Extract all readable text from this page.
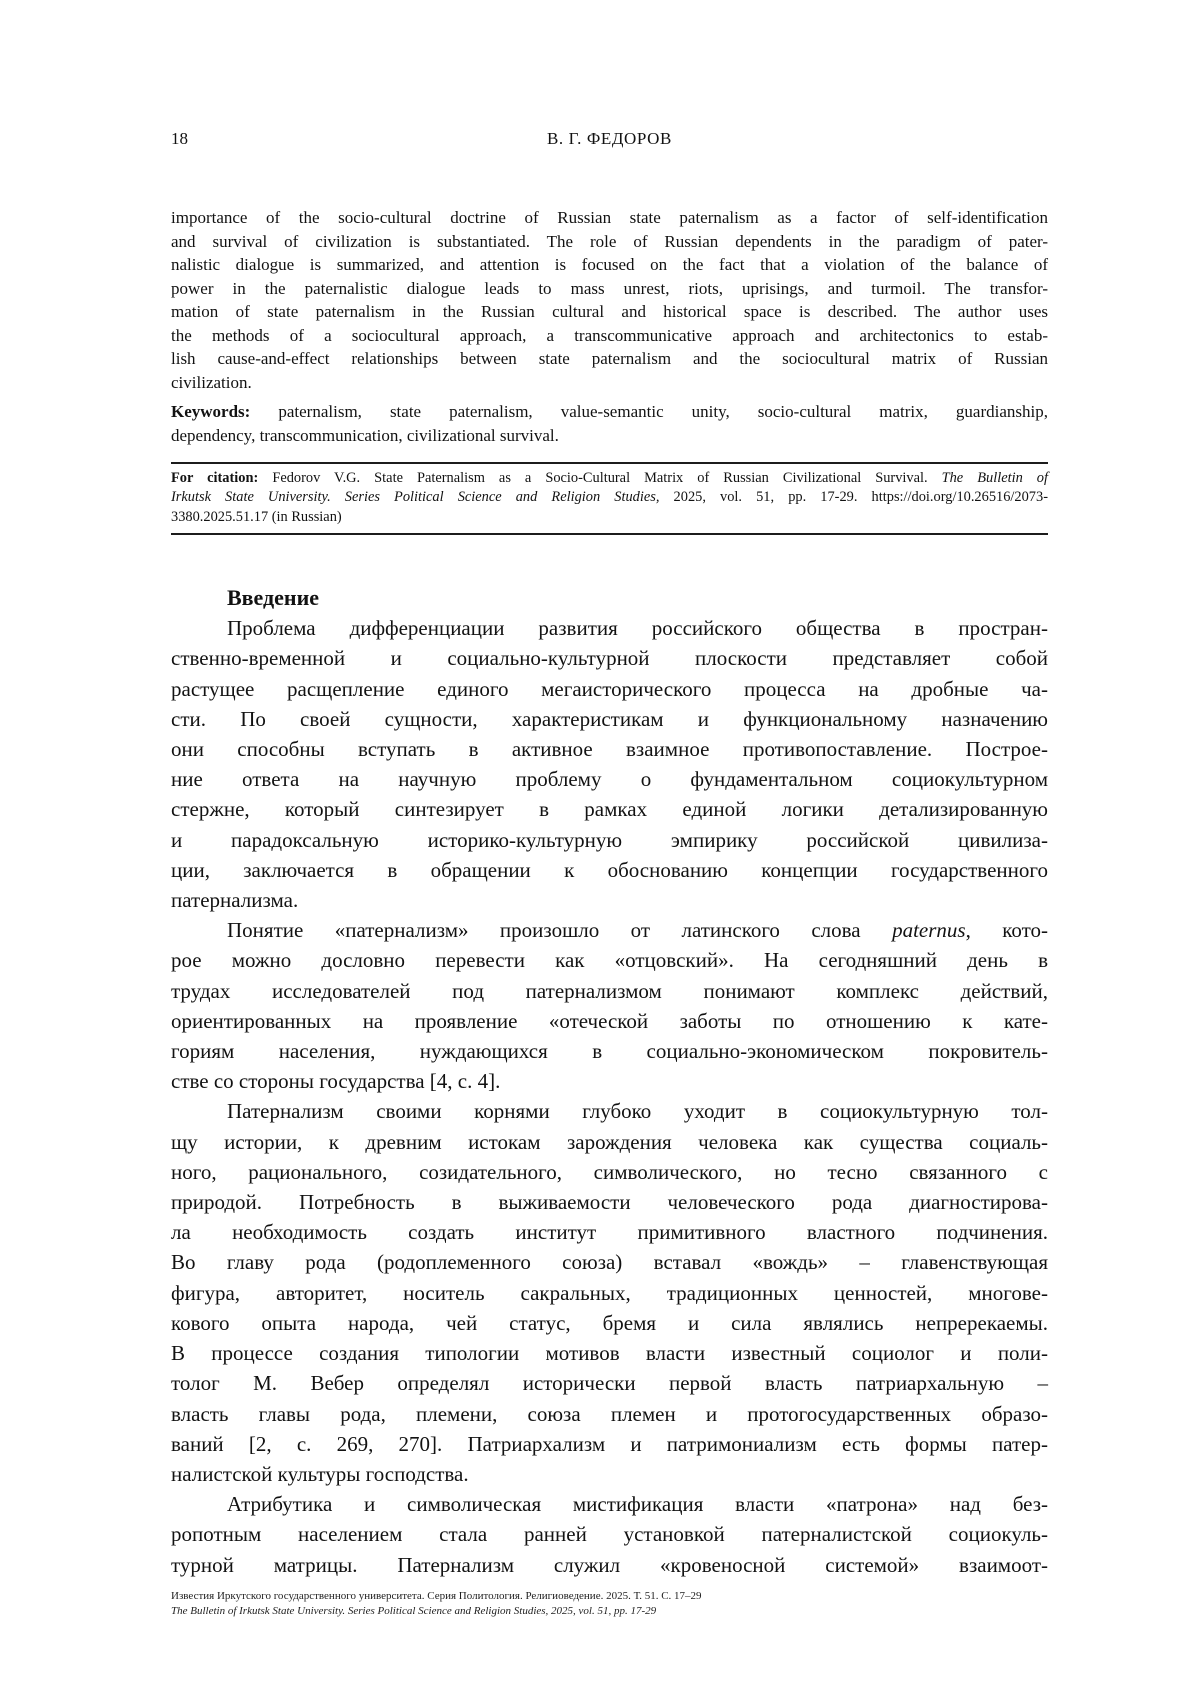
18	В. Г. ФЕДОРОВ
importance of the socio-cultural doctrine of Russian state paternalism as a factor of self-identification
and survival of civilization is substantiated. The role of Russian dependents in the paradigm of pater-
nalistic dialogue is summarized, and attention is focused on the fact that a violation of the balance of
power in the paternalistic dialogue leads to mass unrest, riots, uprisings, and turmoil. The transfor-
mation of state paternalism in the Russian cultural and historical space is described. The author uses
the methods of a sociocultural approach, a transcommunicative approach and architectonics to estab-
lish cause-and-effect relationships between state paternalism and the sociocultural matrix of Russian
civilization.
Keywords: paternalism, state paternalism, value-semantic unity, socio-cultural matrix, guardianship,
dependency, transcommunication, civilizational survival.
For citation: Fedorov V.G. State Paternalism as a Socio-Cultural Matrix of Russian Civilizational Survival. The Bulletin of
Irkutsk State University. Series Political Science and Religion Studies, 2025, vol. 51, pp. 17-29. https://doi.org/10.26516/2073-
3380.2025.51.17 (in Russian)
Введение
Проблема дифференциации развития российского общества в простран-
ственно-временной и социально-культурной плоскости представляет собой
растущее расщепление единого мегаисторического процесса на дробные ча-
сти. По своей сущности, характеристикам и функциональному назначению
они способны вступать в активное взаимное противопоставление. Построе-
ние ответа на научную проблему о фундаментальном социокультурном
стержне, который синтезирует в рамках единой логики детализированную
и парадоксальную историко-культурную эмпирику российской цивилиза-
ции, заключается в обращении к обоснованию концепции государственного
патернализма.
Понятие «патернализм» произошло от латинского слова paternus, кото-
рое можно дословно перевести как «отцовский». На сегодняшний день в
трудах исследователей под патернализмом понимают комплекс действий,
ориентированных на проявление «отеческой заботы по отношению к кате-
гориям населения, нуждающихся в социально-экономическом покровитель-
стве со стороны государства [4, с. 4].
Патернализм своими корнями глубоко уходит в социокультурную тол-
щу истории, к древним истокам зарождения человека как существа социаль-
ного, рационального, созидательного, символического, но тесно связанного с
природой. Потребность в выживаемости человеческого рода диагностирова-
ла необходимость создать институт примитивного властного подчинения.
Во главу рода (родоплеменного союза) вставал «вождь» – главенствующая
фигура, авторитет, носитель сакральных, традиционных ценностей, многове-
кового опыта народа, чей статус, бремя и сила являлись непререкаемы.
В процессе создания типологии мотивов власти известный социолог и поли-
толог М. Вебер определял исторически первой власть патриархальную –
власть главы рода, племени, союза племен и протогосударственных образо-
ваний [2, с. 269, 270]. Патриархализм и патримониализм есть формы патер-
налистской культуры господства.
Атрибутика и символическая мистификация власти «патрона» над без-
ропотным населением стала ранней установкой патерналистской социокуль-
турной матрицы. Патернализм служил «кровеносной системой» взаимоот-
Известия Иркутского государственного университета. Серия Политология. Религиоведение. 2025. Т. 51. С. 17–29
The Bulletin of Irkutsk State University. Series Political Science and Religion Studies, 2025, vol. 51, pp. 17-29
